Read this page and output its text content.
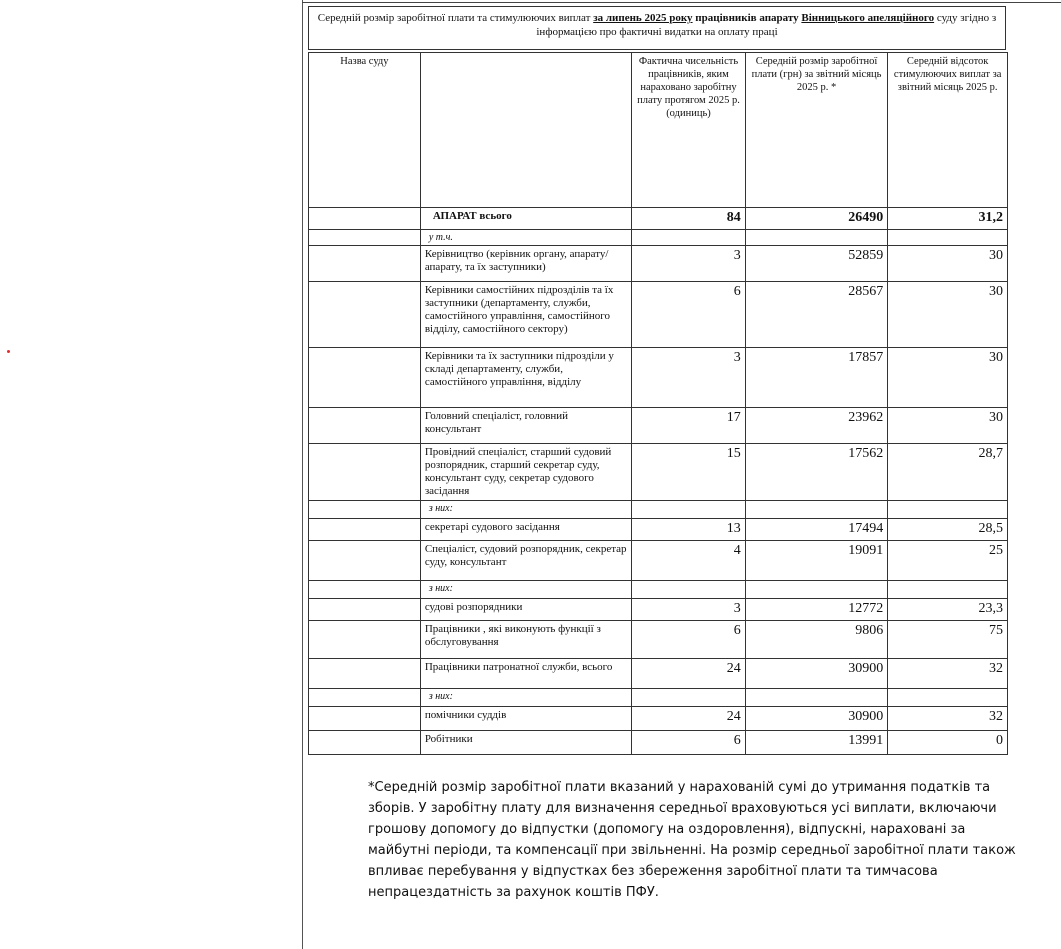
Середній розмір заробітної плати та стимулюючих виплат за липень 2025 року працівників апарату Вінницького апеляційного суду згідно з інформацією про фактичні видатки на оплату праці
Назва суду		Фактична чисельність працівників, яким нараховано заробітну плату протягом 2025 р. (одиниць)	Середній розмір заробітної плати (грн) за звітний місяць 2025 р. *	Середній відсоток стимулюючих виплат за звітний місяць 2025 р.
	АПАРАТ всього	84	26490	31,2
	у т.ч.			
	Керівництво (керівник органу, апарату/апарату, та їх заступники)	3	52859	30
	Керівники самостійних підрозділів та їх заступники (департаменту, служби, самостійного управління, самостійного відділу, самостійного сектору)	6	28567	30
	Керівники та їх заступники підрозділи у складі департаменту, служби, самостійного управління, відділу	3	17857	30
	Головний спеціаліст, головний консультант	17	23962	30
	Провідний спеціаліст, старший судовий розпорядник, старший секретар суду, консультант суду, секретар судового засідання	15	17562	28,7
	з них:			
	секретарі судового засідання	13	17494	28,5
	Спеціаліст, судовий розпорядник, секретар суду, консультант	4	19091	25
	з них:			
	судові розпорядники	3	12772	23,3
	Працівники , які виконують функції з обслуговування	6	9806	75
	Працівники патронатної служби, всього	24	30900	32
	з них:			
	помічники суддів	24	30900	32
	Робітники	6	13991	0
*Середній розмір заробітної плати вказаний у нарахованій сумі до утримання податків та зборів. У заробітну плату для визначення середньої враховуються усі виплати, включаючи грошову допомогу до відпустки (допомогу на оздоровлення), відпускні, нараховані за майбутні періоди, та компенсації при звільненні. На розмір середньої заробітної плати також впливає перебування у відпустках без збереження заробітної плати та тимчасова непрацездатність за рахунок коштів ПФУ.
